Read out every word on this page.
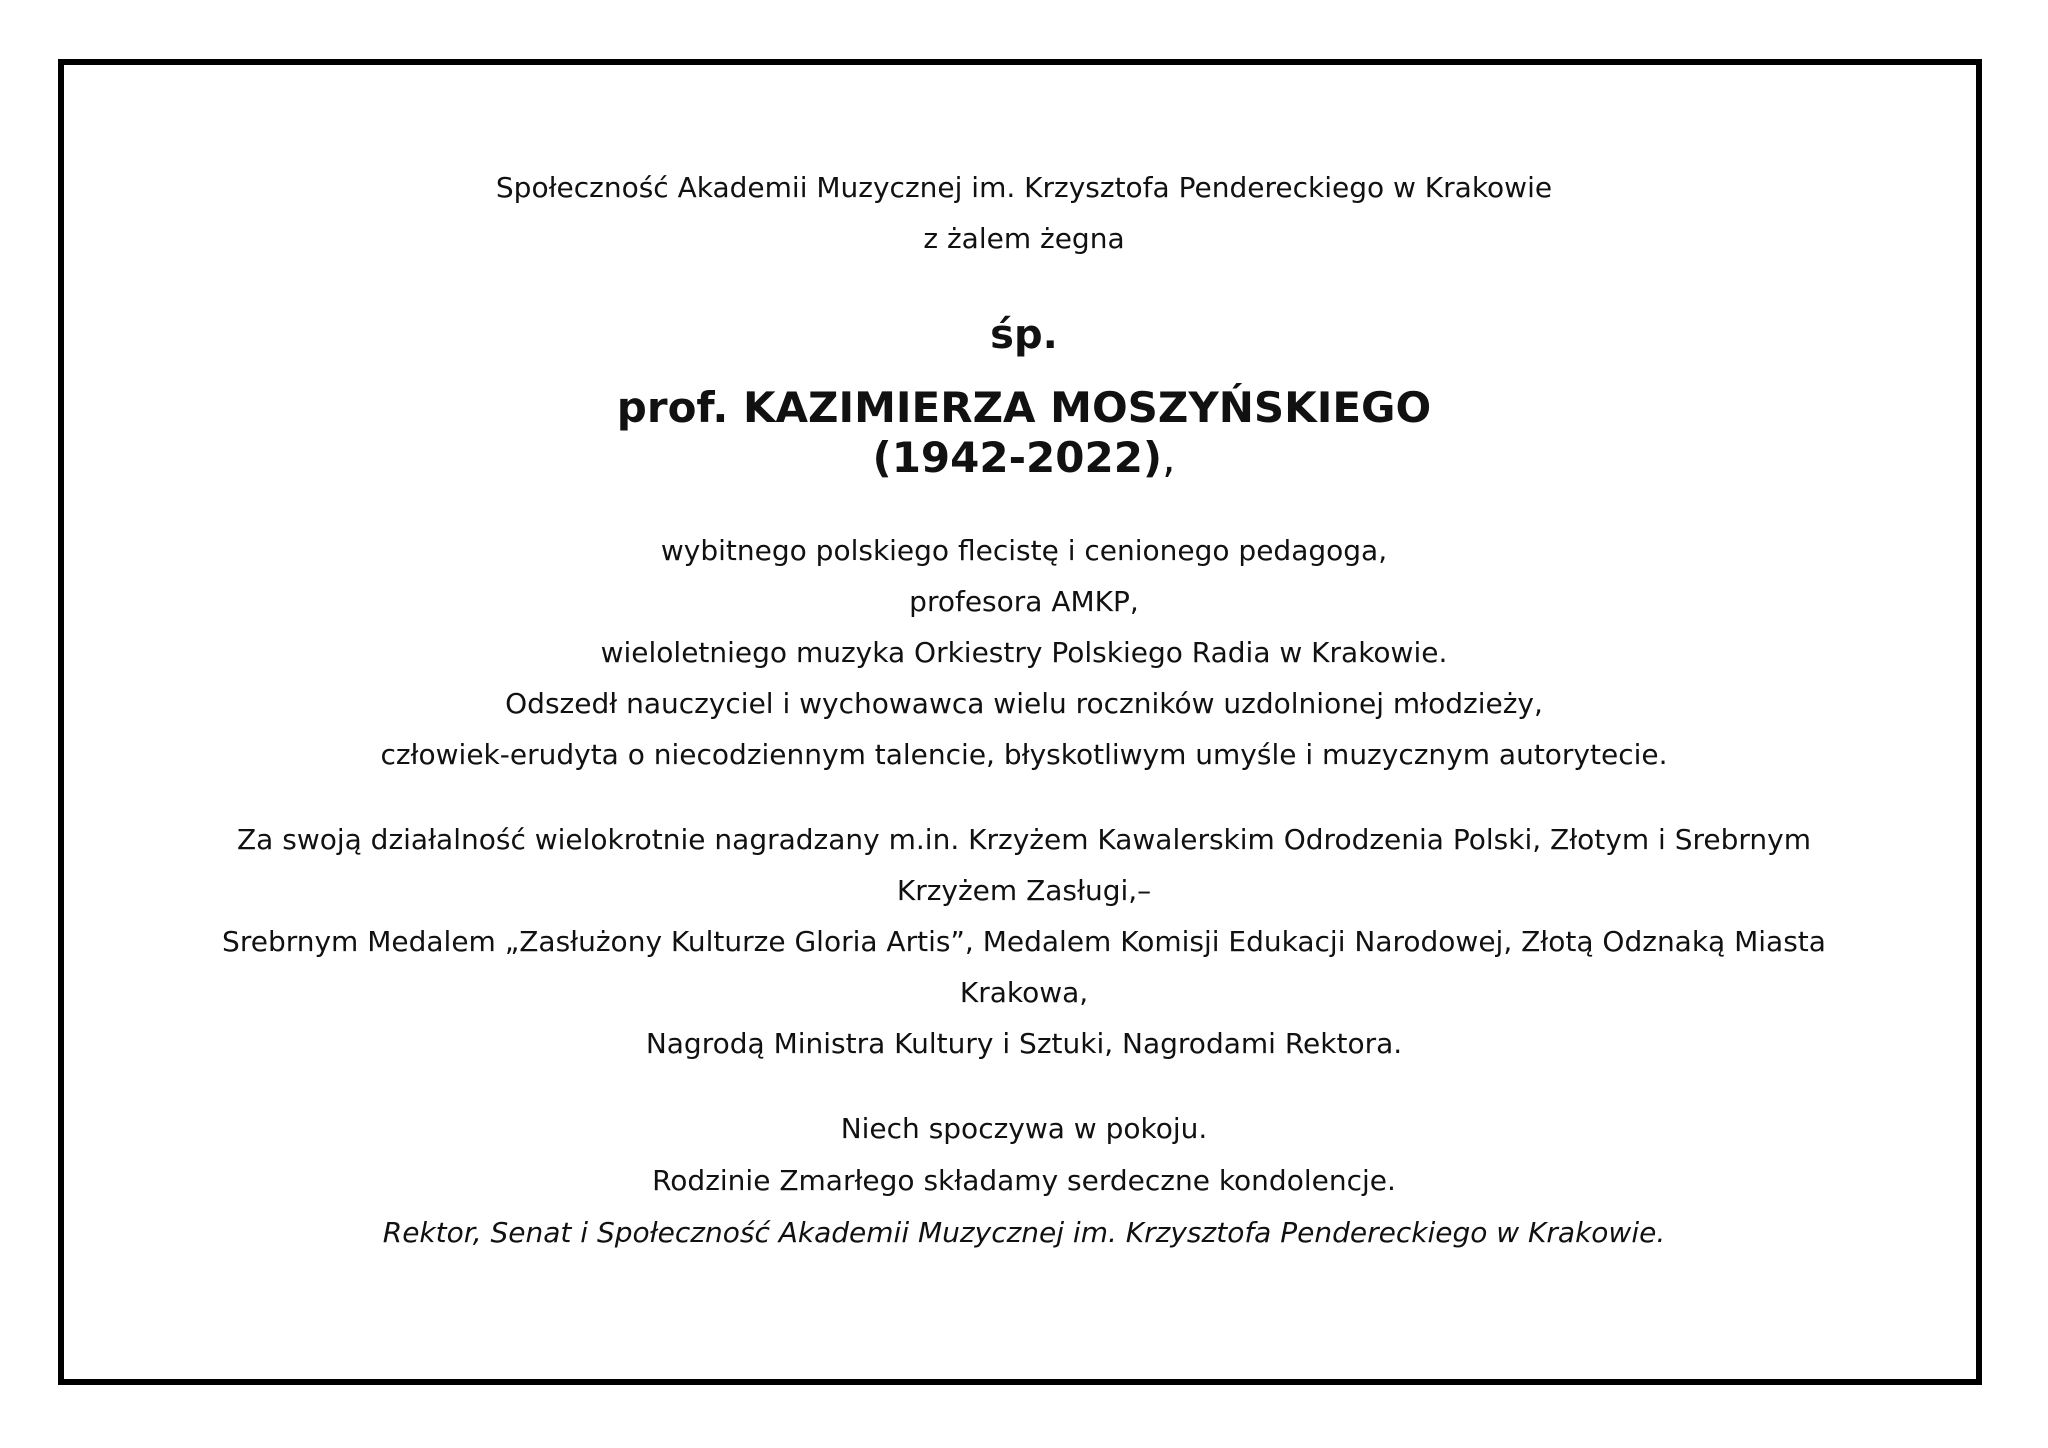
Społeczność Akademii Muzycznej im. Krzysztofa Pendereckiego w Krakowie
z żalem żegna
śp.
prof. KAZIMIERZA MOSZYŃSKIEGO
(1942-2022),
wybitnego polskiego flecistę i cenionego pedagoga,
profesora AMKP,
wieloletniego muzyka Orkiestry Polskiego Radia w Krakowie.
Odszedł nauczyciel i wychowawca wielu roczników uzdolnionej młodzieży,
człowiek-erudyta o niecodziennym talencie, błyskotliwym umyśle i muzycznym autorytecie.
Za swoją działalność wielokrotnie nagradzany m.in. Krzyżem Kawalerskim Odrodzenia Polski, Złotym i Srebrnym
Krzyżem Zasługi,–
Srebrnym Medalem „Zasłużony Kulturze Gloria Artis”, Medalem Komisji Edukacji Narodowej, Złotą Odznaką Miasta
Krakowa,
Nagrodą Ministra Kultury i Sztuki, Nagrodami Rektora.
Niech spoczywa w pokoju.
Rodzinie Zmarłego składamy serdeczne kondolencje.
Rektor, Senat i Społeczność Akademii Muzycznej im. Krzysztofa Pendereckiego w Krakowie.
